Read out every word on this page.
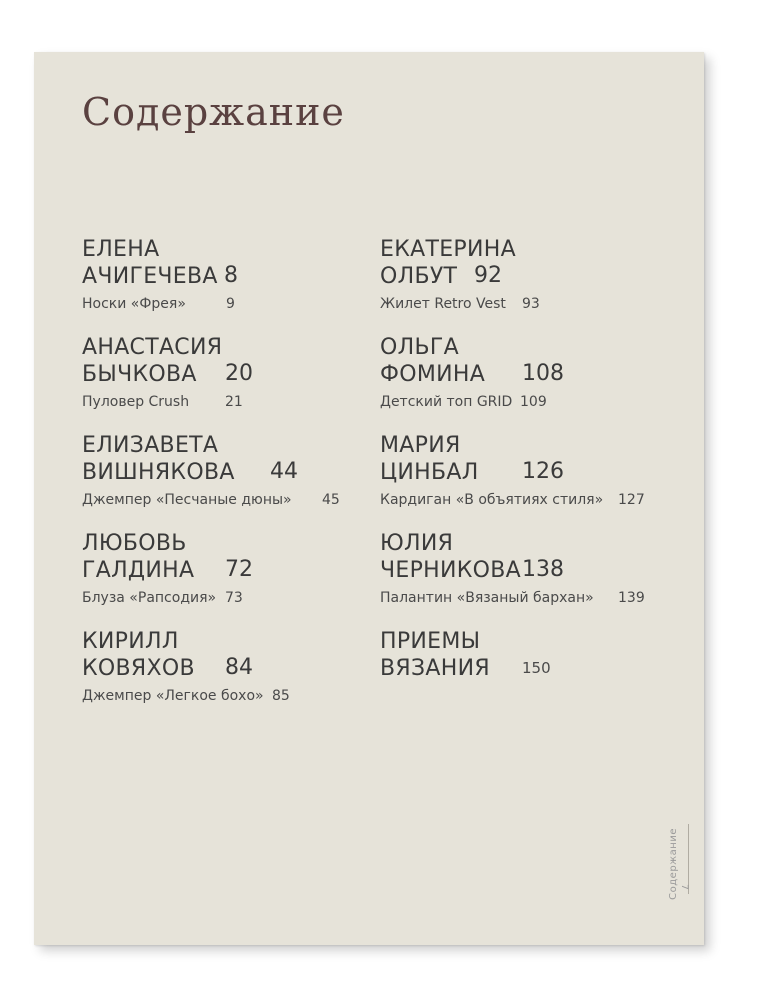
Содержание
ЕЛЕНА
АЧИГЕЧЕВА 8
Носки «Фрея»	9
АНАСТАСИЯ
БЫЧКОВА	20
Пуловер Crush	21
ЕЛИЗАВЕТА
ВИШНЯКОВА	44
Джемпер «Песчаные дюны» 45
ЛЮБОВЬ
ГАЛДИНА	72
Блуза «Рапсодия» 73
КИРИЛЛ
КОВЯХОВ	84
Джемпер «Легкое бохо» 85
ЕКАТЕРИНА
ОЛБУТ 92
Жилет Retro Vest 93
ОЛЬГА
ФОМИНА	108
Детский топ GRID 109
МАРИЯ
ЦИНБАЛ	126
Кардиган «В объятиях стиля» 127
ЮЛИЯ
ЧЕРНИКОВА 138
Палантин «Вязаный бархан» 139
ПРИЕМЫ
ВЯЗАНИЯ	150
Содержание 7
